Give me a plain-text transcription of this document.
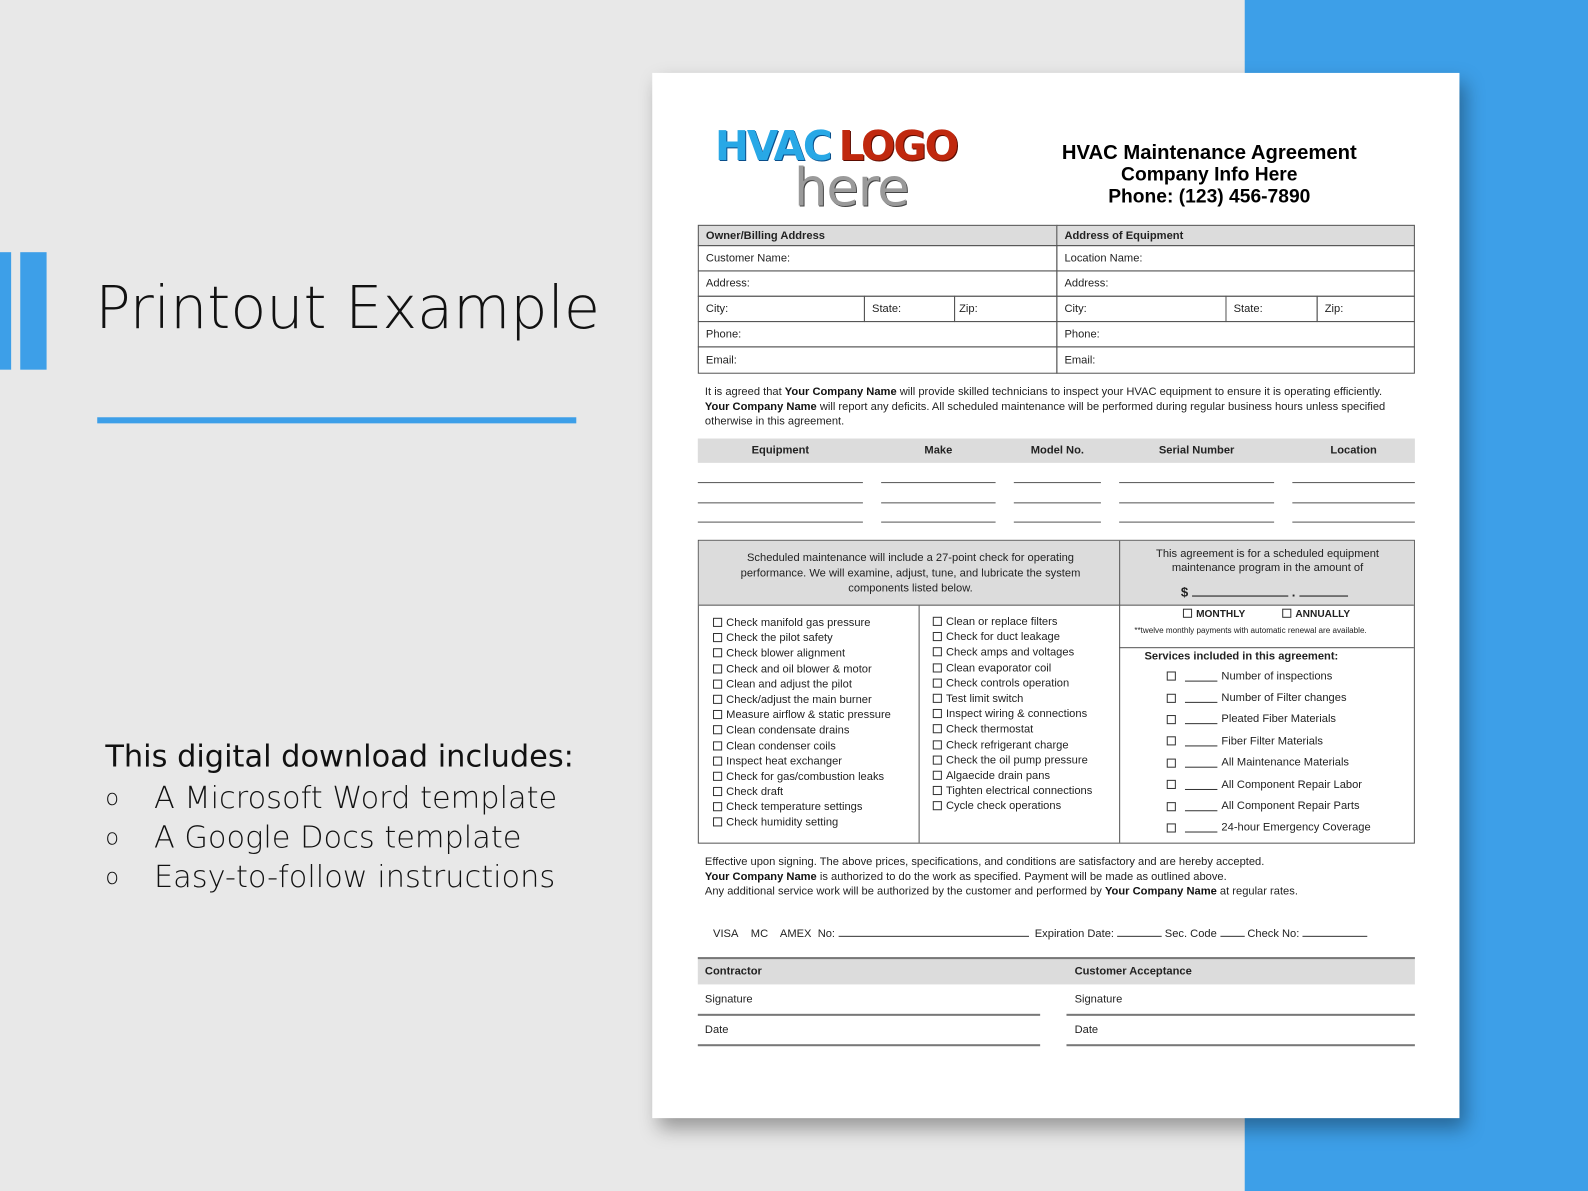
Printout Example
This digital download includes:
o	A Microsoft Word template
o	A Google Docs template
o	Easy-to-follow instructions
HVAC LOGO
here
HVAC Maintenance Agreement
Company Info Here
Phone: (123) 456-7890
Owner/Billing Address	Address of Equipment
Customer Name:	Location Name:
Address:	Address:
City:	State:	Zip:	City:	State:	Zip:
Phone:	Phone:
Email:	Email:
It is agreed that Your Company Name will provide skilled technicians to inspect your HVAC equipment to ensure it is operating efficiently. Your Company Name will report any deficits. All scheduled maintenance will be performed during regular business hours unless specified otherwise in this agreement.
Equipment	Make	Model No.	Serial Number	Location
Scheduled maintenance will include a 27-point check for operating performance. We will examine, adjust, tune, and lubricate the system components listed below.
This agreement is for a scheduled equipment maintenance program in the amount of
$	.
MONTHLY	ANNUALLY
**twelve monthly payments with automatic renewal are available.
Check manifold gas pressure
Check the pilot safety
Check blower alignment
Check and oil blower & motor
Clean and adjust the pilot
Check/adjust the main burner
Measure airflow & static pressure
Clean condensate drains
Clean condenser coils
Inspect heat exchanger
Check for gas/combustion leaks
Check draft
Check temperature settings
Check humidity setting
Clean or replace filters
Check for duct leakage
Check amps and voltages
Clean evaporator coil
Check controls operation
Test limit switch
Inspect wiring & connections
Check thermostat
Check refrigerant charge
Check the oil pump pressure
Algaecide drain pans
Tighten electrical connections
Cycle check operations
Services included in this agreement:
Number of inspections
Number of Filter changes
Pleated Fiber Materials
Fiber Filter Materials
All Maintenance Materials
All Component Repair Labor
All Component Repair Parts
24-hour Emergency Coverage
Effective upon signing. The above prices, specifications, and conditions are satisfactory and are hereby accepted.
Your Company Name is authorized to do the work as specified. Payment will be made as outlined above.
Any additional service work will be authorized by the customer and performed by Your Company Name at regular rates.
VISA MC AMEX No:	Expiration Date:	Sec. Code	Check No:
Contractor	Customer Acceptance
Signature	Signature
Date	Date
